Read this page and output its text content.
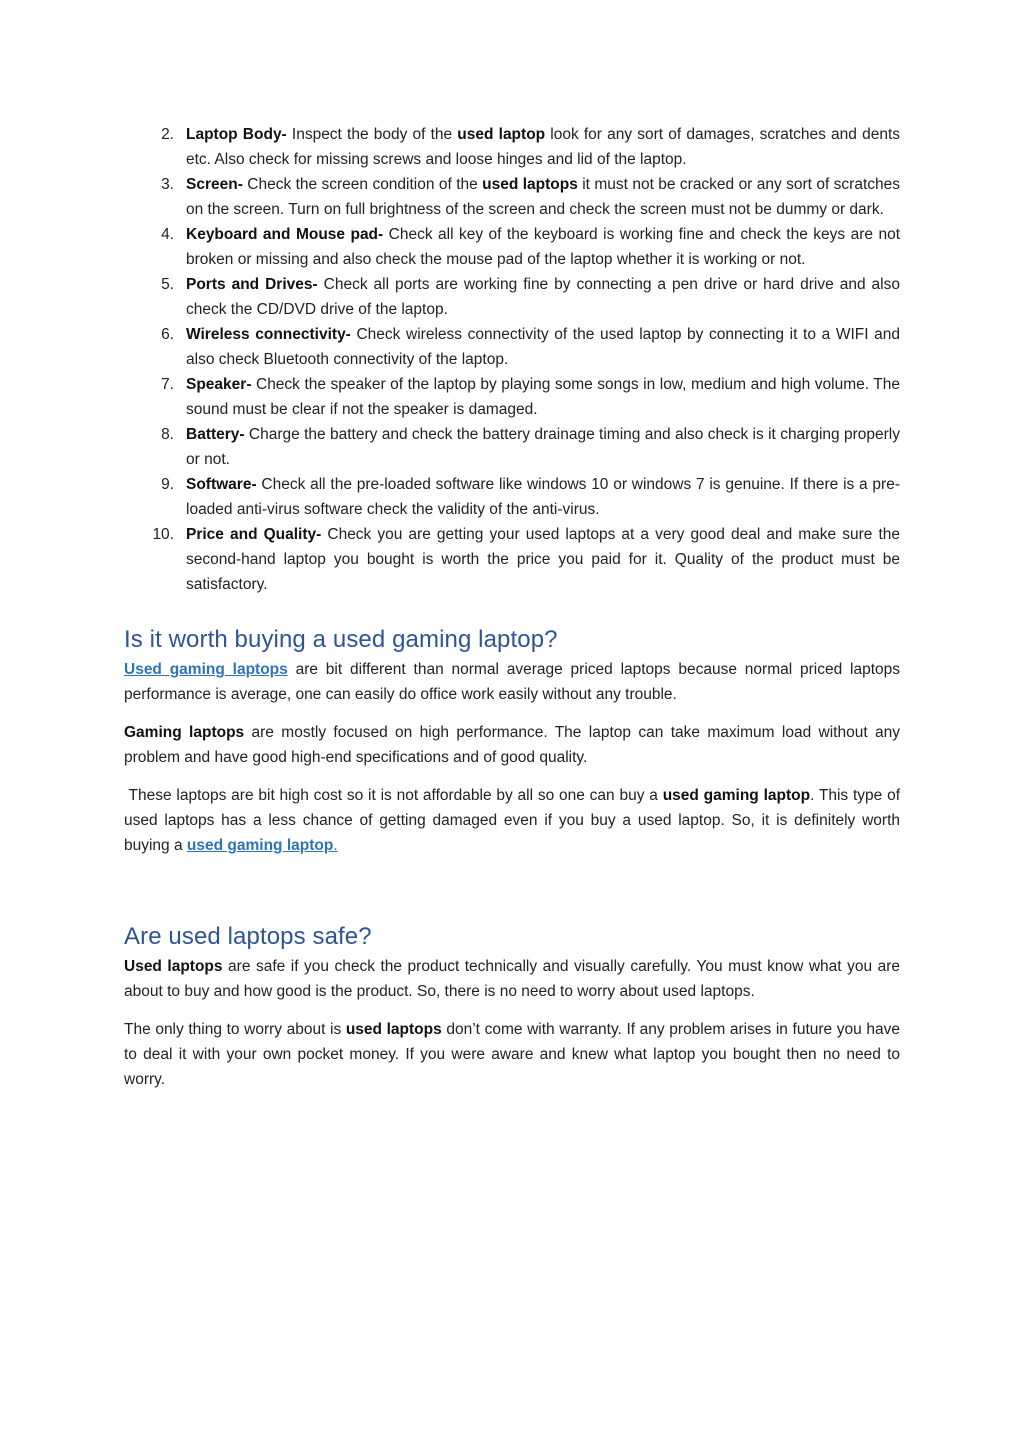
2. Laptop Body- Inspect the body of the used laptop look for any sort of damages, scratches and dents etc. Also check for missing screws and loose hinges and lid of the laptop.
3. Screen- Check the screen condition of the used laptops it must not be cracked or any sort of scratches on the screen. Turn on full brightness of the screen and check the screen must not be dummy or dark.
4. Keyboard and Mouse pad- Check all key of the keyboard is working fine and check the keys are not broken or missing and also check the mouse pad of the laptop whether it is working or not.
5. Ports and Drives- Check all ports are working fine by connecting a pen drive or hard drive and also check the CD/DVD drive of the laptop.
6. Wireless connectivity- Check wireless connectivity of the used laptop by connecting it to a WIFI and also check Bluetooth connectivity of the laptop.
7. Speaker- Check the speaker of the laptop by playing some songs in low, medium and high volume. The sound must be clear if not the speaker is damaged.
8. Battery- Charge the battery and check the battery drainage timing and also check is it charging properly or not.
9. Software- Check all the pre-loaded software like windows 10 or windows 7 is genuine. If there is a pre-loaded anti-virus software check the validity of the anti-virus.
10. Price and Quality- Check you are getting your used laptops at a very good deal and make sure the second-hand laptop you bought is worth the price you paid for it. Quality of the product must be satisfactory.
Is it worth buying a used gaming laptop?

Used gaming laptops are bit different than normal average priced laptops because normal priced laptops performance is average, one can easily do office work easily without any trouble.

Gaming laptops are mostly focused on high performance. The laptop can take maximum load without any problem and have good high-end specifications and of good quality.

These laptops are bit high cost so it is not affordable by all so one can buy a used gaming laptop. This type of used laptops has a less chance of getting damaged even if you buy a used laptop. So, it is definitely worth buying a used gaming laptop.

Are used laptops safe?

Used laptops are safe if you check the product technically and visually carefully. You must know what you are about to buy and how good is the product. So, there is no need to worry about used laptops.

The only thing to worry about is used laptops don’t come with warranty. If any problem arises in future you have to deal it with your own pocket money. If you were aware and knew what laptop you bought then no need to worry.
